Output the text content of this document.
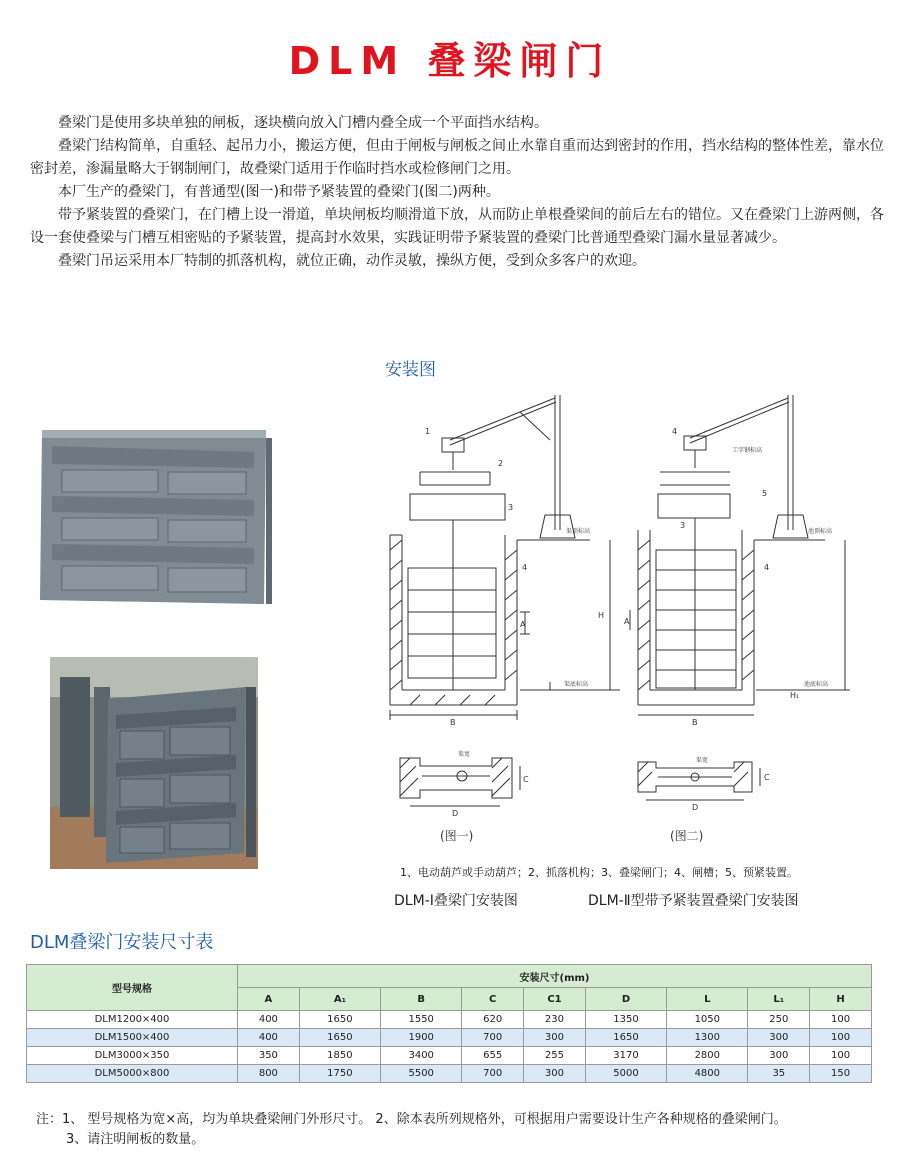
DLM 叠梁闸门

叠梁门是使用多块单独的闸板，逐块横向放入门槽内叠全成一个平面挡水结构。

叠梁门结构简单，自重轻、起吊力小，搬运方便，但由于闸板与闸板之间止水靠自重而达到密封的作用，挡水结构的整体性差，靠水位密封差，渗漏量略大于钢制闸门，故叠梁门适用于作临时挡水或检修闸门之用。

本厂生产的叠梁门，有普通型(图一)和带予紧装置的叠梁门(图二)两种。

带予紧装置的叠梁门，在门槽上设一滑道，单块闸板均顺滑道下放，从而防止单根叠梁间的前后左右的错位。又在叠梁门上游两侧，各设一套使叠梁与门槽互相密贴的予紧装置，提高封水效果，实践证明带予紧装置的叠梁门比普通型叠梁门漏水量显著减少。

叠梁门吊运采用本厂特制的抓落机构，就位正确，动作灵敏，操纵方便，受到众多客户的欢迎。

安装图
1
2
3
4
渠顶标高
渠底标高
A
H
B
渠宽
C
D
(图一)
4
工字钢标高
5
3
4
池顶标高
池底标高
A
H₁
B
渠宽
C
D
(图二)
1、电动葫芦或手动葫芦；2、抓落机构；3、叠梁闸门；4、闸槽；5、预紧装置。
DLM-Ⅰ叠梁门安装图	DLM-Ⅱ型带予紧装置叠梁门安装图
DLM叠梁门安装尺寸表
型号规格	安装尺寸(mm)								
	A	A₁	B	C	C1	D	L	L₁	H
DLM1200×400	400	1650	1550	620	230	1350	1050	250	100
DLM1500×400	400	1650	1900	700	300	1650	1300	300	100
DLM3000×350	350	1850	3400	655	255	3170	2800	300	100
DLM5000×800	800	1750	5500	700	300	5000	4800	35	150
注：1、 型号规格为宽×高，均为单块叠梁闸门外形尺寸。 2、除本表所列规格外，可根据用户需要设计生产各种规格的叠梁闸门。
3、请注明闸板的数量。
